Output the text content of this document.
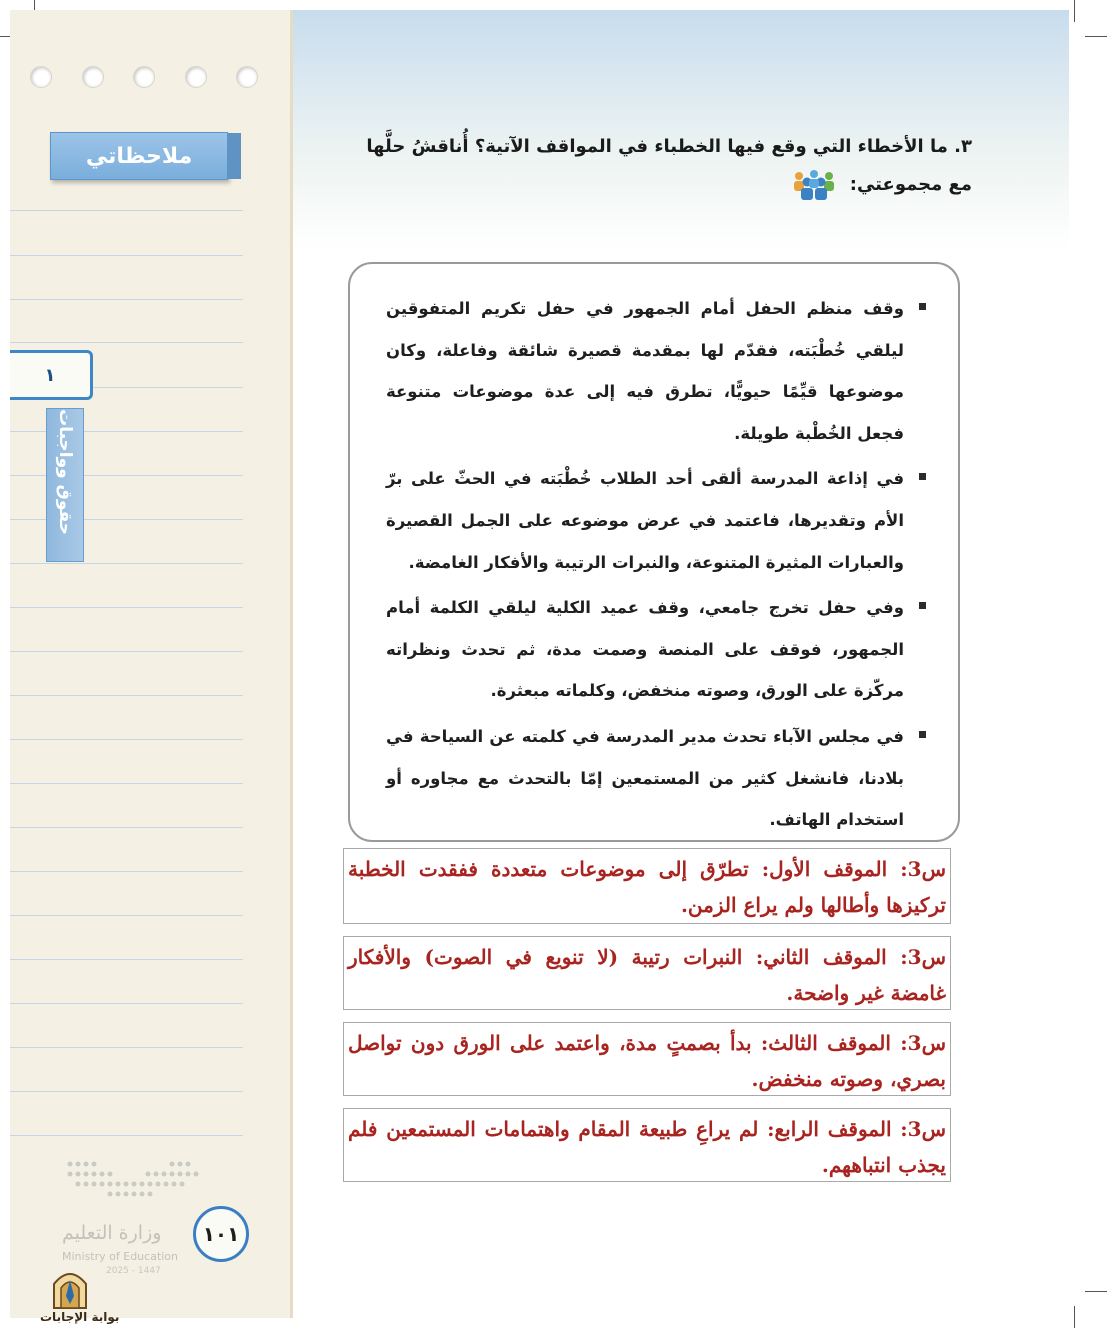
ملاحظاتي
١
حقوق وواجبات
وزارة التعليم
Ministry of Education
2025 - 1447
١٠١
بوابة الإجابات
٣. ما الأخطاء التي وقع فيها الخطباء في المواقف الآتية؟ أُناقشُ حلَّها مع مجموعتي:
وقف منظم الحفل أمام الجمهور في حفل تكريم المتفوقين ليلقي خُطْبَته، فقدّم لها بمقدمة قصيرة شائقة وفاعلة، وكان موضوعها قيِّمًا حيويًّا، تطرق فيه إلى عدة موضوعات متنوعة فجعل الخُطْبة طويلة.
في إذاعة المدرسة ألقى أحد الطلاب خُطْبَته في الحثّ على برّ الأم وتقديرها، فاعتمد في عرض موضوعه على الجمل القصيرة والعبارات المثيرة المتنوعة، والنبرات الرتيبة والأفكار الغامضة.
وفي حفل تخرج جامعي، وقف عميد الكلية ليلقي الكلمة أمام الجمهور، فوقف على المنصة وصمت مدة، ثم تحدث ونظراته مركّزة على الورق، وصوته منخفض، وكلماته مبعثرة.
في مجلس الآباء تحدث مدير المدرسة في كلمته عن السياحة في بلادنا، فانشغل كثير من المستمعين إمّا بالتحدث مع مجاوره أو استخدام الهاتف.
س3: الموقف الأول: تطرّق إلى موضوعات متعددة ففقدت الخطبة تركيزها وأطالها ولم يراع الزمن.
س3: الموقف الثاني: النبرات رتيبة (لا تنويع في الصوت) والأفكار غامضة غير واضحة.
س3: الموقف الثالث: بدأ بصمتٍ مدة، واعتمد على الورق دون تواصل بصري، وصوته منخفض.
س3: الموقف الرابع: لم يراعِ طبيعة المقام واهتمامات المستمعين فلم يجذب انتباههم.
